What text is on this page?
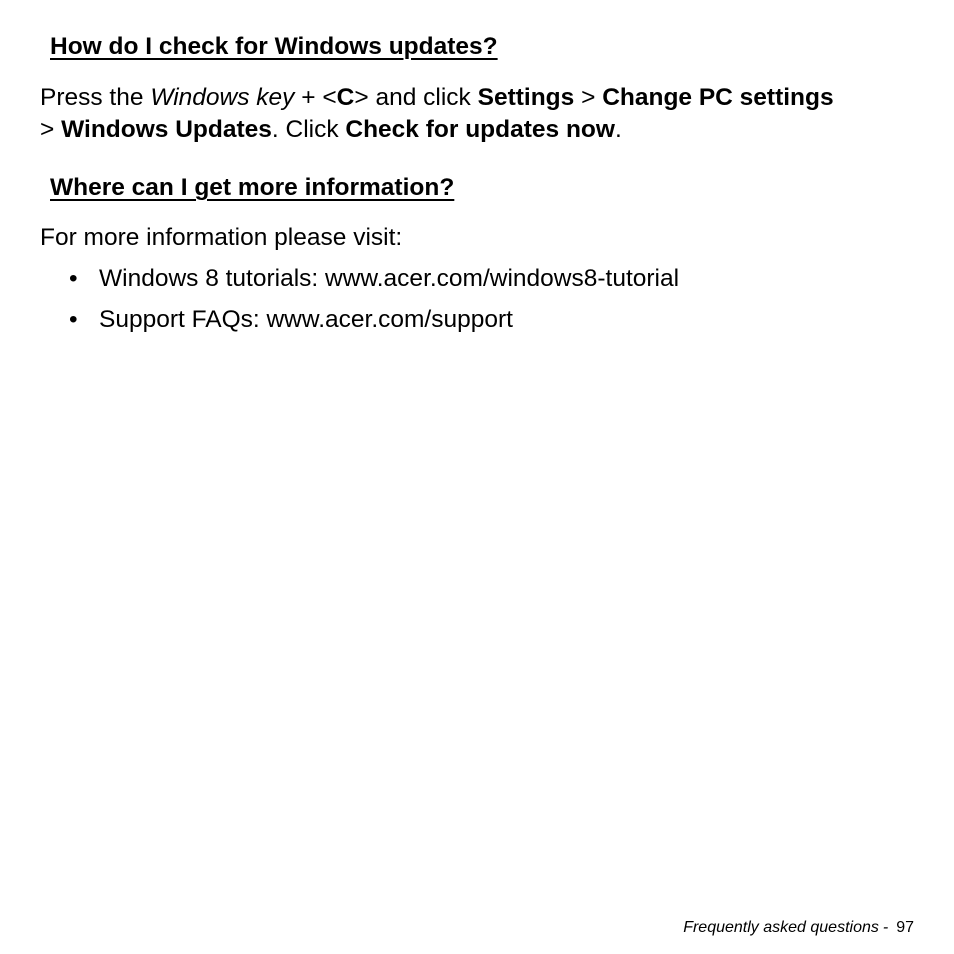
How do I check for Windows updates?

Press the Windows key + <C> and click Settings > Change PC settings
> Windows Updates. Click Check for updates now.

Where can I get more information?

For more information please visit:

• Windows 8 tutorials: www.acer.com/windows8-tutorial
• Support FAQs: www.acer.com/support
Frequently asked questions - 97
